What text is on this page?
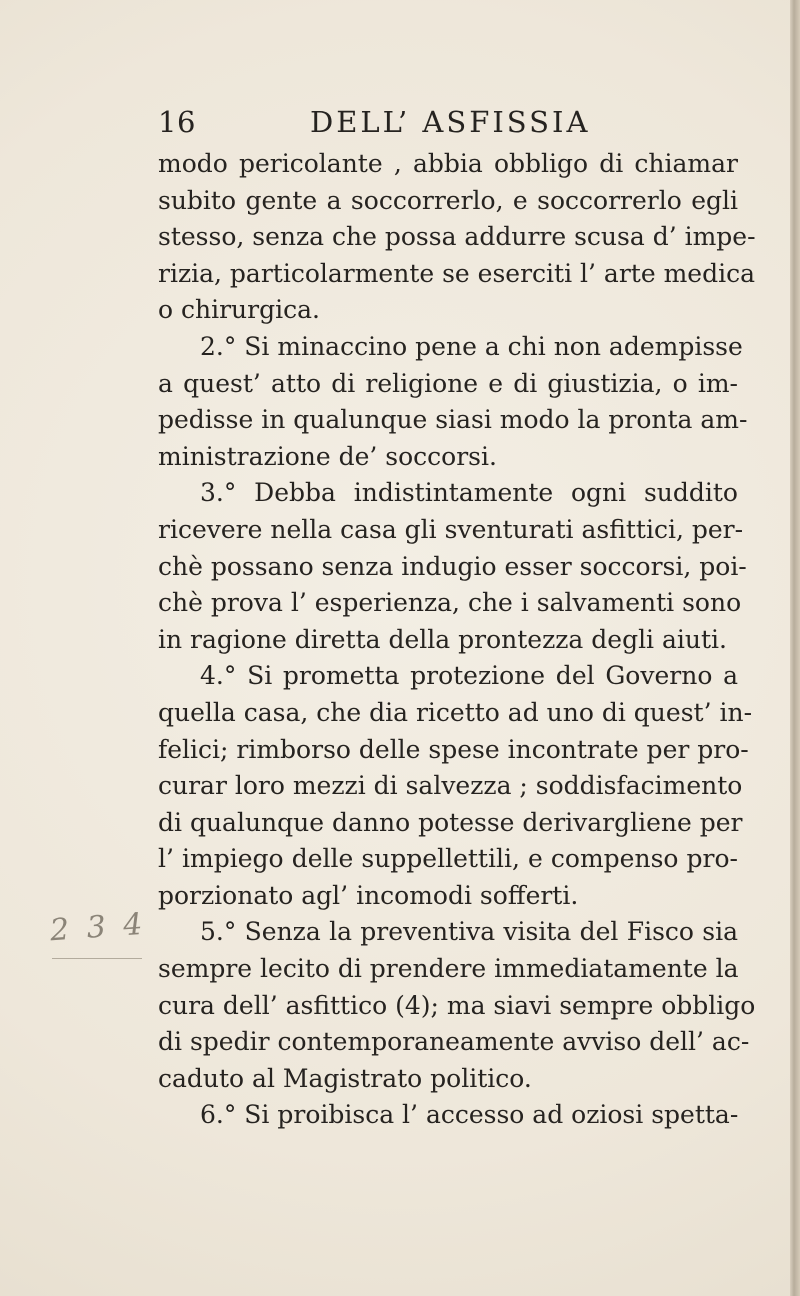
16	DELL’ ASFISSIA
modo pericolante , abbia obbligo di chiamar
subito gente a soccorrerlo, e soccorrerlo egli
stesso, senza che possa addurre scusa d’ impe-
rizia, particolarmente se eserciti l’ arte medica
o chirurgica.
2.° Si minaccino pene a chi non adempisse
a quest’ atto di religione e di giustizia, o im-
pedisse in qualunque siasi modo la pronta am-
ministrazione de’ soccorsi.
3.° Debba indistintamente ogni suddito
ricevere nella casa gli sventurati asfittici, per-
chè possano senza indugio esser soccorsi, poi-
chè prova l’ esperienza, che i salvamenti sono
in ragione diretta della prontezza degli aiuti.
4.° Si prometta protezione del Governo a
quella casa, che dia ricetto ad uno di quest’ in-
felici; rimborso delle spese incontrate per pro-
curar loro mezzi di salvezza ; soddisfacimento
di qualunque danno potesse derivargliene per
l’ impiego delle suppellettili, e compenso pro-
porzionato agl’ incomodi sofferti.
5.° Senza la preventiva visita del Fisco sia
sempre lecito di prendere immediatamente la
cura dell’ asfittico (4); ma siavi sempre obbligo
di spedir contemporaneamente avviso dell’ ac-
caduto al Magistrato politico.
6.° Si proibisca l’ accesso ad oziosi spetta-
2 3 4
